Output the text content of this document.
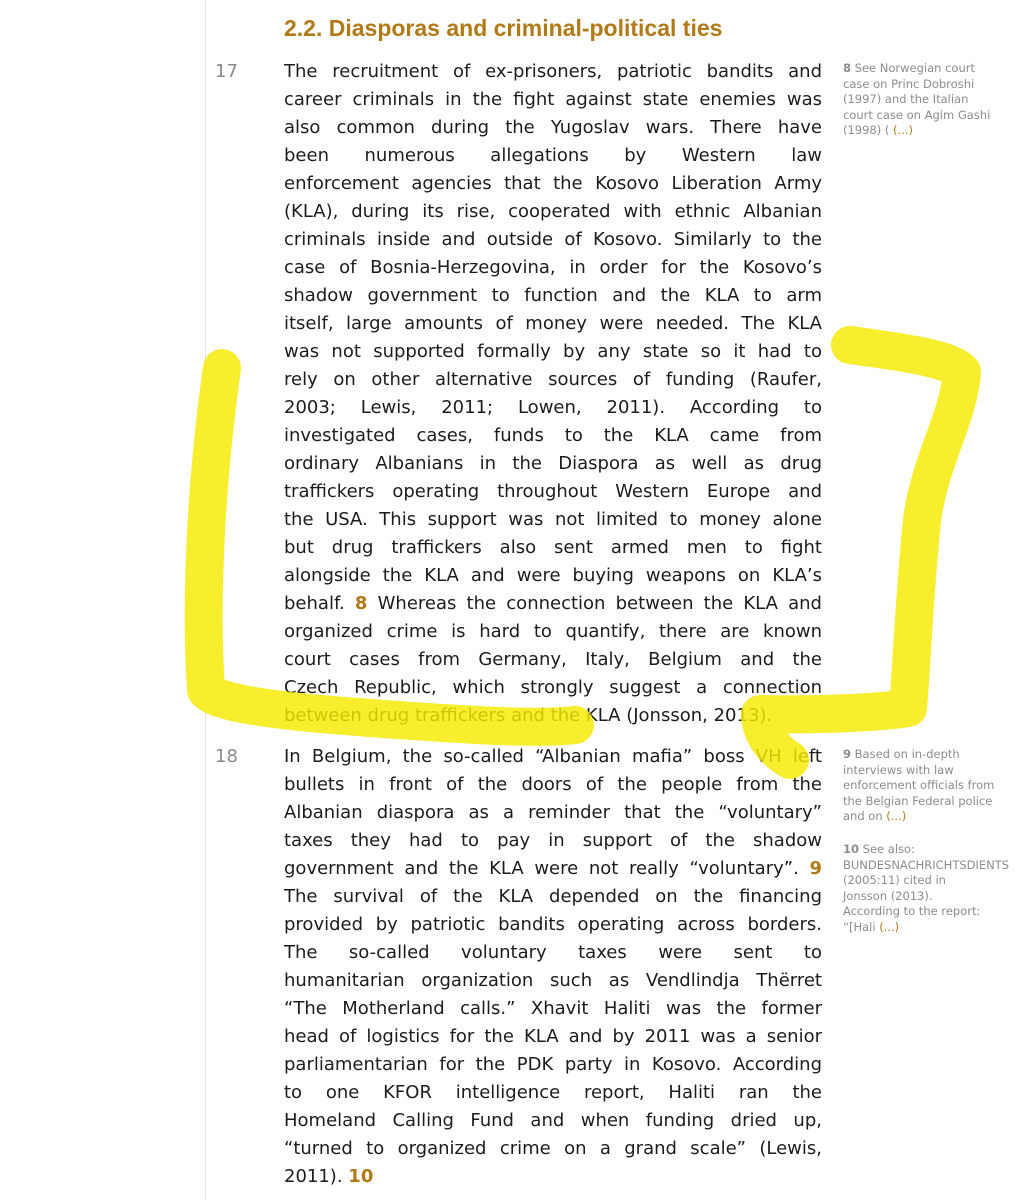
2.2. Diasporas and criminal-political ties
17	The recruitment of ex-prisoners, patriotic bandits and
career criminals in the fight against state enemies was
also common during the Yugoslav wars. There have
been numerous allegations by Western law
enforcement agencies that the Kosovo Liberation Army
(KLA), during its rise, cooperated with ethnic Albanian
criminals inside and outside of Kosovo. Similarly to the
case of Bosnia-Herzegovina, in order for the Kosovo’s
shadow government to function and the KLA to arm
itself, large amounts of money were needed. The KLA
was not supported formally by any state so it had to
rely on other alternative sources of funding (Raufer,
2003; Lewis, 2011; Lowen, 2011). According to
investigated cases, funds to the KLA came from
ordinary Albanians in the Diaspora as well as drug
traffickers operating throughout Western Europe and
the USA. This support was not limited to money alone
but drug traffickers also sent armed men to fight
alongside the KLA and were buying weapons on KLA’s
behalf. 8 Whereas the connection between the KLA and
organized crime is hard to quantify, there are known
court cases from Germany, Italy, Belgium and the
Czech Republic, which strongly suggest a connection
between drug traffickers and the KLA (Jonsson, 2013).
18	In Belgium, the so-called “Albanian mafia” boss VH left
bullets in front of the doors of the people from the
Albanian diaspora as a reminder that the “voluntary”
taxes they had to pay in support of the shadow
government and the KLA were not really “voluntary”. 9
The survival of the KLA depended on the financing
provided by patriotic bandits operating across borders.
The so-called voluntary taxes were sent to
humanitarian organization such as Vendlindja Thërret
“The Motherland calls.” Xhavit Haliti was the former
head of logistics for the KLA and by 2011 was a senior
parliamentarian for the PDK party in Kosovo. According
to one KFOR intelligence report, Haliti ran the
Homeland Calling Fund and when funding dried up,
“turned to organized crime on a grand scale” (Lewis,
2011). 10
8 See Norwegian court
case on Princ Dobroshi
(1997) and the Italian
court case on Agim Gashi
(1998) ( (...)
9 Based on in-depth
interviews with law
enforcement officials from
the Belgian Federal police
and on (...)
10 See also:
BUNDESNACHRICHTSDIENTS
(2005:11) cited in
Jonsson (2013).
According to the report:
“[Hali (...)
